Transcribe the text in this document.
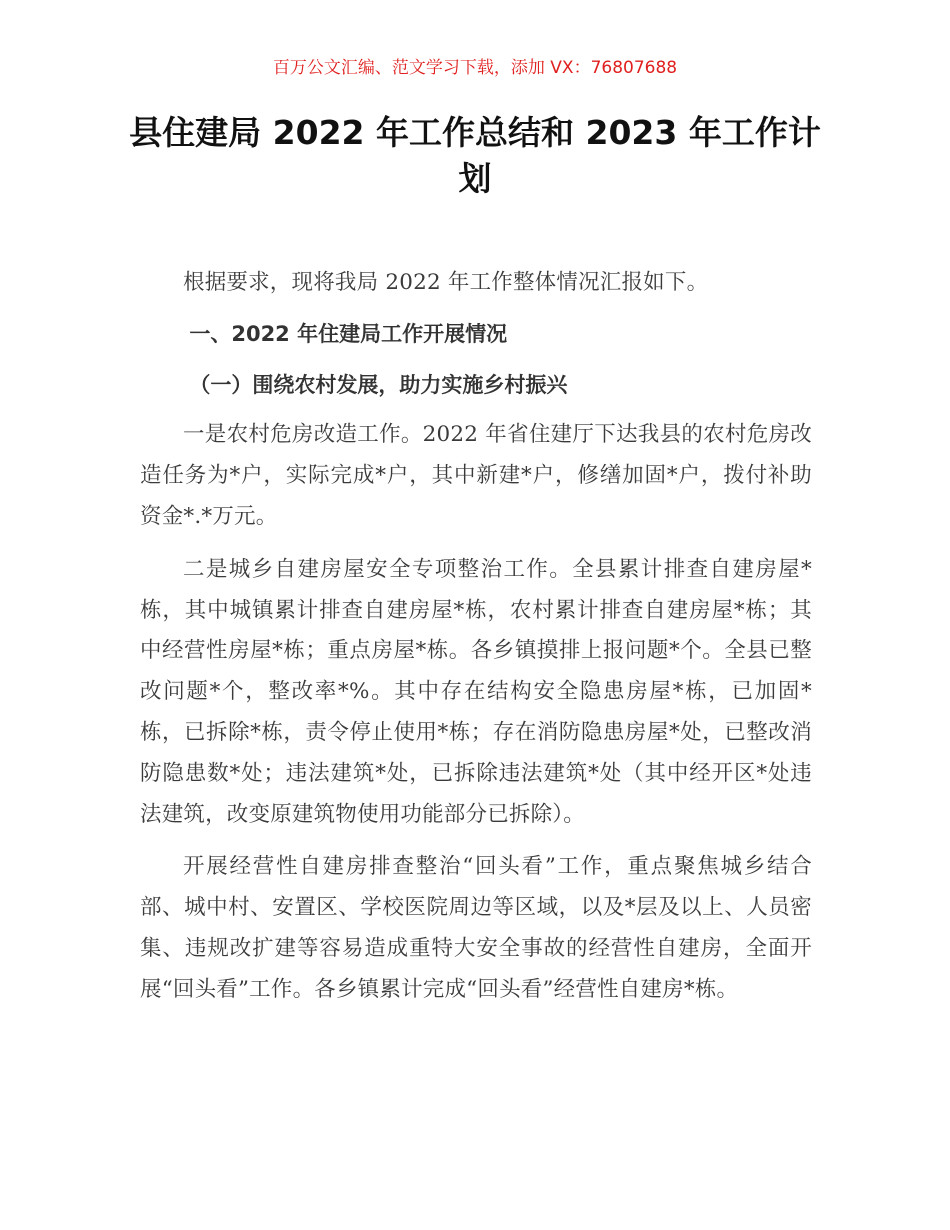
百万公文汇编、范文学习下载，添加 VX：76807688
县住建局 2022 年工作总结和 2023 年工作计划

根据要求，现将我局 2022 年工作整体情况汇报如下。

一、2022 年住建局工作开展情况

（一）围绕农村发展，助力实施乡村振兴

一是农村危房改造工作。2022 年省住建厅下达我县的农村危房改造任务为*户，实际完成*户，其中新建*户，修缮加固*户，拨付补助资金*.*万元。

二是城乡自建房屋安全专项整治工作。全县累计排查自建房屋*栋，其中城镇累计排查自建房屋*栋，农村累计排查自建房屋*栋；其中经营性房屋*栋；重点房屋*栋。各乡镇摸排上报问题*个。全县已整改问题*个，整改率*%。其中存在结构安全隐患房屋*栋，已加固*栋，已拆除*栋，责令停止使用*栋；存在消防隐患房屋*处，已整改消防隐患数*处；违法建筑*处，已拆除违法建筑*处（其中经开区*处违法建筑，改变原建筑物使用功能部分已拆除）。

开展经营性自建房排查整治“回头看”工作，重点聚焦城乡结合部、城中村、安置区、学校医院周边等区域，以及*层及以上、人员密集、违规改扩建等容易造成重特大安全事故的经营性自建房，全面开展“回头看”工作。各乡镇累计完成“回头看”经营性自建房*栋。
